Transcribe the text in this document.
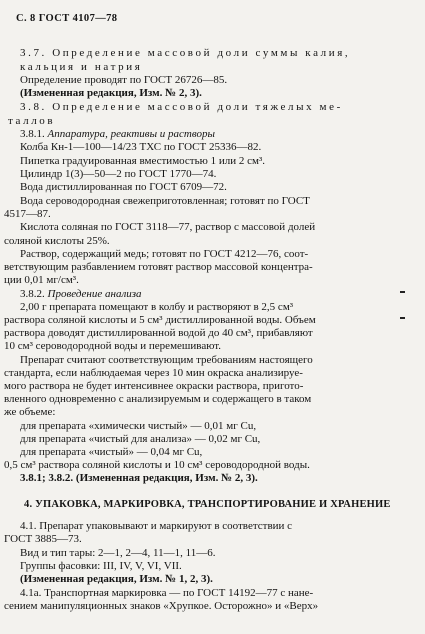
С. 8 ГОСТ 4107—78
3.7. Определение массовой доли суммы калия,
кальция и натрия
Определение проводят по ГОСТ 26726—85.
(Измененная редакция, Изм. № 2, 3).
3.8. Определение массовой доли тяжелых ме-
таллов
3.8.1. Аппаратура, реактивы и растворы
Колба Кн-1—100—14/23 ТХС по ГОСТ 25336—82.
Пипетка градуированная вместимостью 1 или 2 см³.
Цилиндр 1(3)—50—2 по ГОСТ 1770—74.
Вода дистиллированная по ГОСТ 6709—72.
Вода сероводородная свежеприготовленная; готовят по ГОСТ
4517—87.
Кислота соляная по ГОСТ 3118—77, раствор с массовой долей
соляной кислоты 25%.
Раствор, содержащий медь; готовят по ГОСТ 4212—76, соот-
ветствующим разбавлением готовят раствор массовой концентра-
ции 0,01 мг/см³.
3.8.2. Проведение анализа
2,00 г препарата помещают в колбу и растворяют в 2,5 см³
раствора соляной кислоты и 5 см³ дистиллированной воды. Объем
раствора доводят дистиллированной водой до 40 см³, прибавляют
10 см³ сероводородной воды и перемешивают.
Препарат считают соответствующим требованиям настоящего
стандарта, если наблюдаемая через 10 мин окраска анализируе-
мого раствора не будет интенсивнее окраски раствора, пригото-
вленного одновременно с анализируемым и содержащего в таком
же объеме:
для препарата «химически чистый» — 0,01 мг Cu,
для препарата «чистый для анализа» — 0,02 мг Cu,
для препарата «чистый» — 0,04 мг Cu,
0,5 см³ раствора соляной кислоты и 10 см³ сероводородной воды.
3.8.1; 3.8.2. (Измененная редакция, Изм. № 2, 3).
4. УПАКОВКА, МАРКИРОВКА, ТРАНСПОРТИРОВАНИЕ И ХРАНЕНИЕ
4.1. Препарат упаковывают и маркируют в соответствии с
ГОСТ 3885—73.
Вид и тип тары: 2—1, 2—4, 11—1, 11—6.
Группы фасовки: III, IV, V, VI, VII.
(Измененная редакция, Изм. № 1, 2, 3).
4.1а. Транспортная маркировка — по ГОСТ 14192—77 с нане-
сением манипуляционных знаков «Хрупкое. Осторожно» и «Верх»
